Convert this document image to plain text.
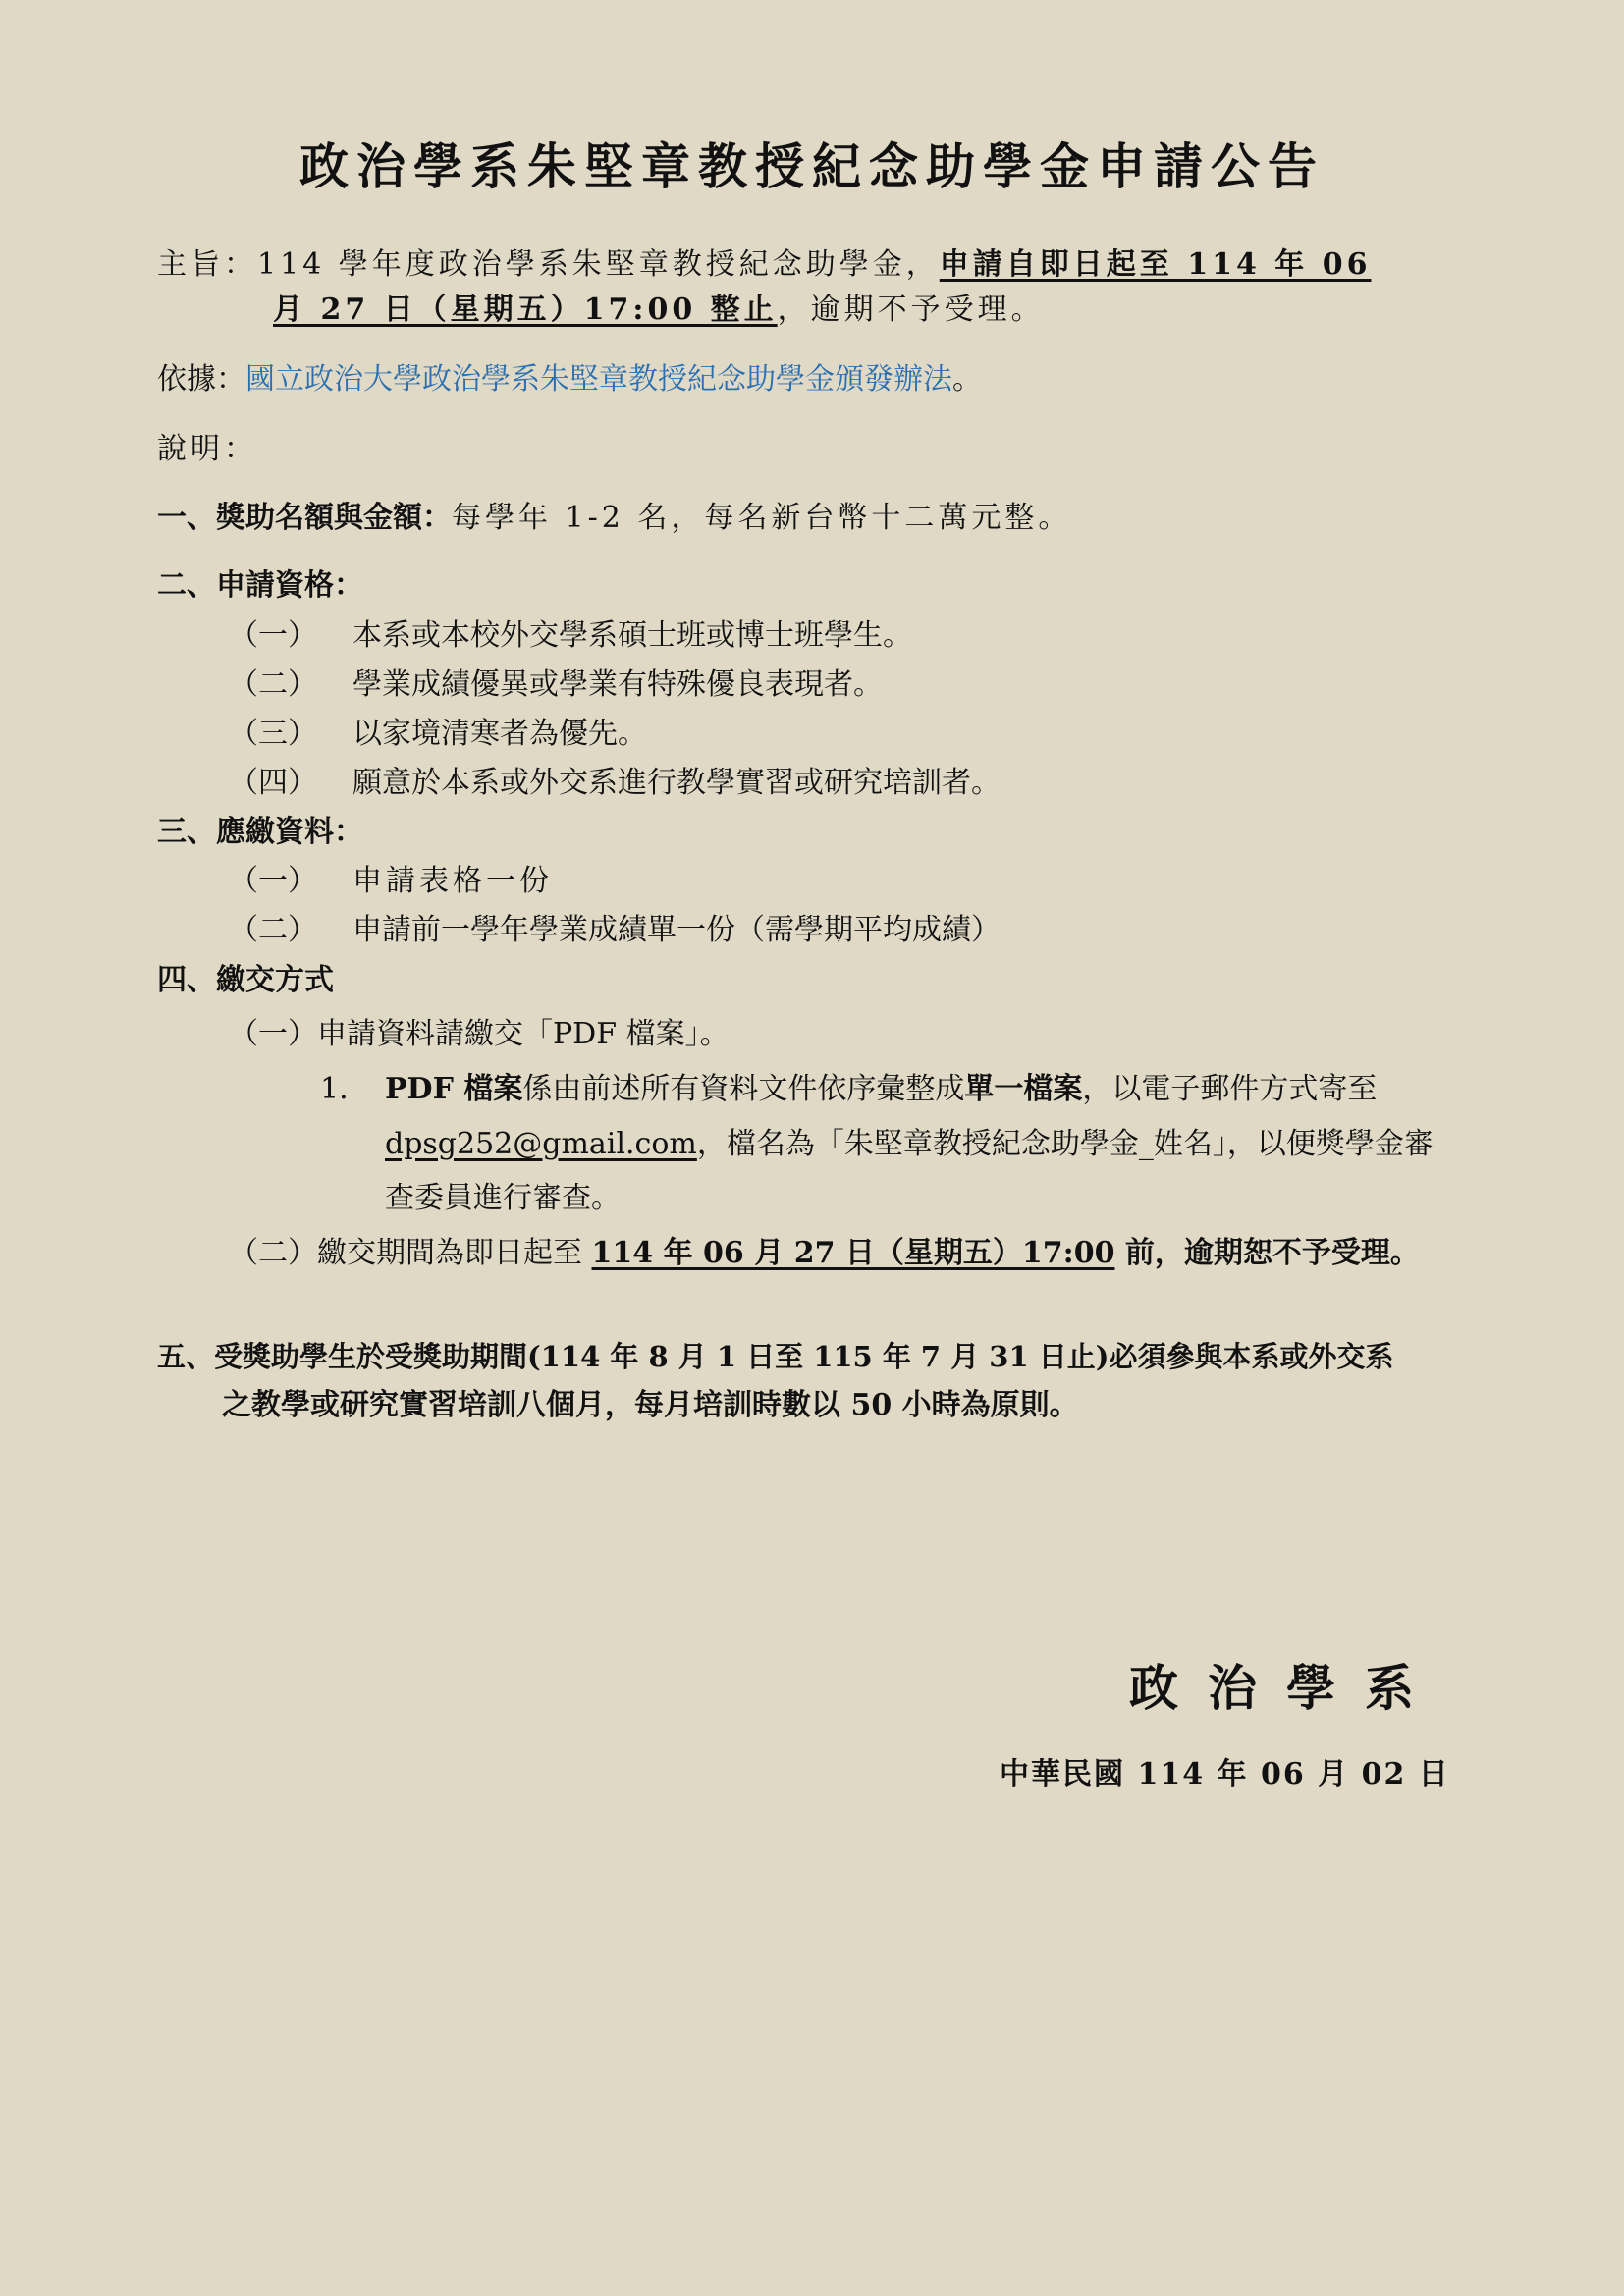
政治學系朱堅章教授紀念助學金申請公告
主旨：114 學年度政治學系朱堅章教授紀念助學金，申請自即日起至 114 年 06
月 27 日（星期五）17:00 整止，逾期不予受理。
依據：國立政治大學政治學系朱堅章教授紀念助學金頒發辦法。
說明：
一、獎助名額與金額：每學年 1-2 名，每名新台幣十二萬元整。
二、申請資格：
（一） 本系或本校外交學系碩士班或博士班學生。
（二） 學業成績優異或學業有特殊優良表現者。
（三） 以家境清寒者為優先。
（四） 願意於本系或外交系進行教學實習或研究培訓者。
三、應繳資料：
（一） 申請表格一份
（二） 申請前一學年學業成績單一份（需學期平均成績）
四、繳交方式
（一）申請資料請繳交「PDF 檔案」。
1. PDF 檔案係由前述所有資料文件依序彙整成單一檔案，以電子郵件方式寄至
dpsg252@gmail.com，檔名為「朱堅章教授紀念助學金_姓名」，以便獎學金審
查委員進行審查。
（二）繳交期間為即日起至 114 年 06 月 27 日（星期五）17:00 前，逾期恕不予受理。
五、受獎助學生於受獎助期間(114 年 8 月 1 日至 115 年 7 月 31 日止)必須參與本系或外交系
之教學或研究實習培訓八個月，每月培訓時數以 50 小時為原則。
政治學系
中華民國 114 年 06 月 02 日
